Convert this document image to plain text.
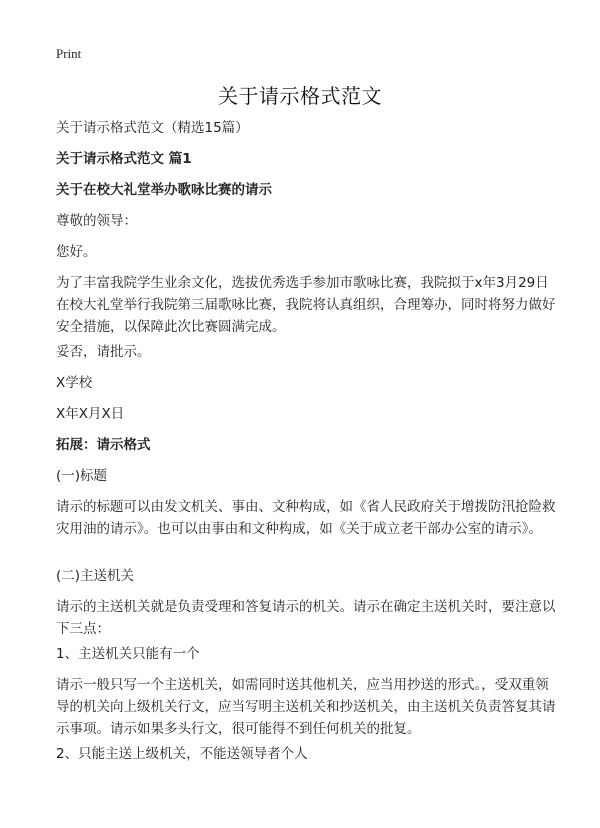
Print
关于请示格式范文
关于请示格式范文（精选15篇）
关于请示格式范文 篇1
关于在校大礼堂举办歌咏比赛的请示
尊敬的领导：
您好。
为了丰富我院学生业余文化，选拔优秀选手参加市歌咏比赛，我院拟于x年3月29日在校大礼堂举行我院第三届歌咏比赛，我院将认真组织，合理筹办，同时将努力做好安全措施，以保障此次比赛圆满完成。
妥否，请批示。
X学校
X年X月X日
拓展：请示格式
(一)标题
请示的标题可以由发文机关、事由、文种构成，如《省人民政府关于增拨防汛抢险救灾用油的请示》。也可以由事由和文种构成，如《关于成立老干部办公室的请示》。
(二)主送机关
请示的主送机关就是负责受理和答复请示的机关。请示在确定主送机关时，要注意以下三点：
1、主送机关只能有一个
请示一般只写一个主送机关，如需同时送其他机关，应当用抄送的形式。，受双重领导的机关向上级机关行文，应当写明主送机关和抄送机关，由主送机关负责答复其请示事项。请示如果多头行文，很可能得不到任何机关的批复。
2、只能主送上级机关，不能送领导者个人
